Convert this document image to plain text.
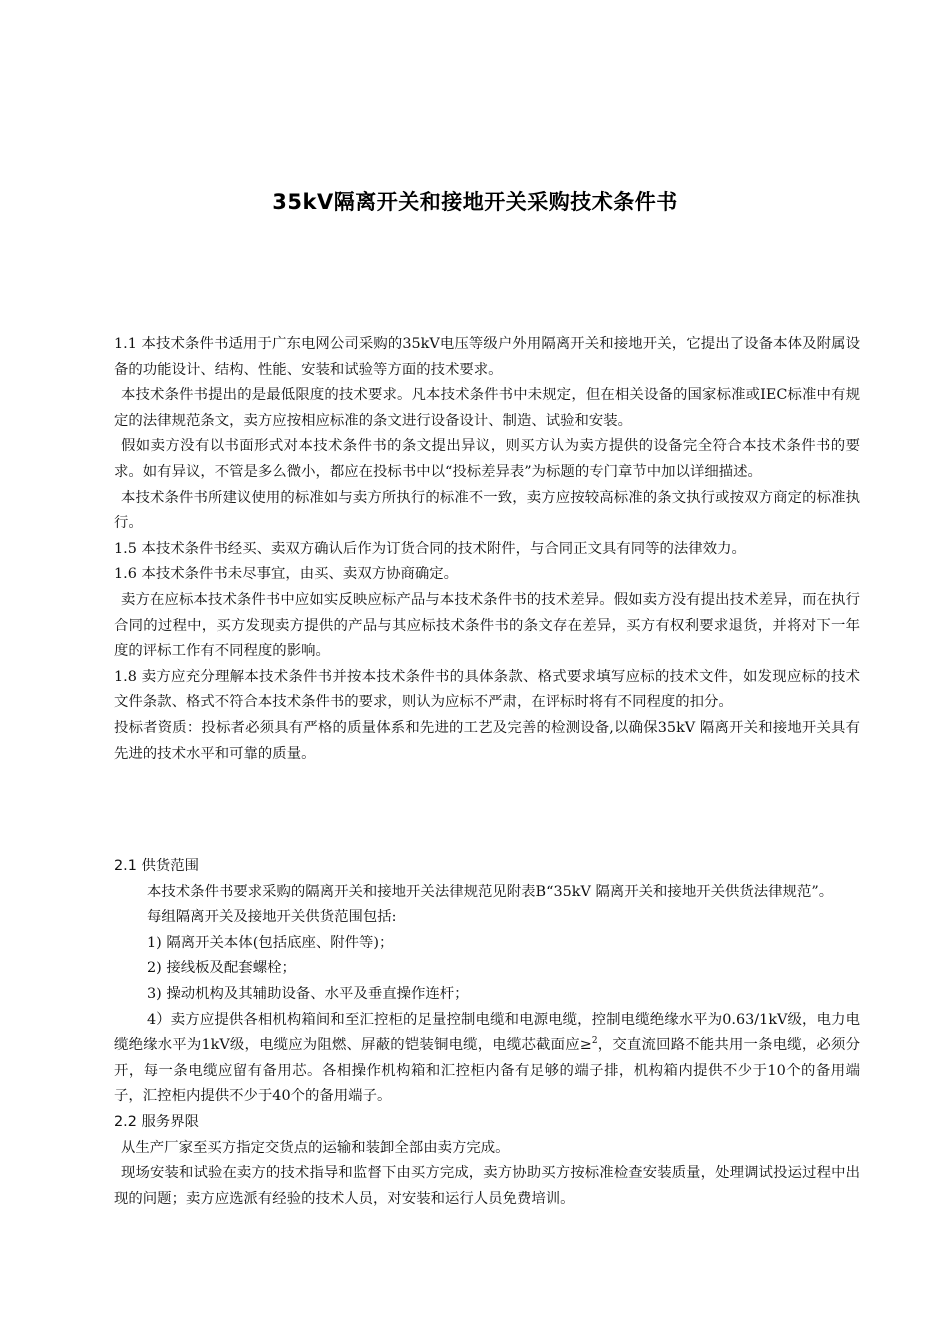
35kV隔离开关和接地开关采购技术条件书

1.1 本技术条件书适用于广东电网公司采购的35kV电压等级户外用隔离开关和接地开关，它提出了设备本体及附属设备的功能设计、结构、性能、安装和试验等方面的技术要求。

本技术条件书提出的是最低限度的技术要求。凡本技术条件书中未规定，但在相关设备的国家标准或IEC标准中有规定的法律规范条文，卖方应按相应标准的条文进行设备设计、制造、试验和安装。

假如卖方没有以书面形式对本技术条件书的条文提出异议，则买方认为卖方提供的设备完全符合本技术条件书的要求。如有异议，不管是多么微小，都应在投标书中以“投标差异表”为标题的专门章节中加以详细描述。

本技术条件书所建议使用的标准如与卖方所执行的标准不一致，卖方应按较高标准的条文执行或按双方商定的标准执行。

1.5 本技术条件书经买、卖双方确认后作为订货合同的技术附件，与合同正文具有同等的法律效力。

1.6 本技术条件书未尽事宜，由买、卖双方协商确定。

卖方在应标本技术条件书中应如实反映应标产品与本技术条件书的技术差异。假如卖方没有提出技术差异，而在执行合同的过程中，买方发现卖方提供的产品与其应标技术条件书的条文存在差异，买方有权利要求退货，并将对下一年度的评标工作有不同程度的影响。

1.8 卖方应充分理解本技术条件书并按本技术条件书的具体条款、格式要求填写应标的技术文件，如发现应标的技术文件条款、格式不符合本技术条件书的要求，则认为应标不严肃，在评标时将有不同程度的扣分。

投标者资质：投标者必须具有严格的质量体系和先进的工艺及完善的检测设备,以确保35kV 隔离开关和接地开关具有先进的技术水平和可靠的质量。

2.1 供货范围

本技术条件书要求采购的隔离开关和接地开关法律规范见附表B“35kV 隔离开关和接地开关供货法律规范”。

每组隔离开关及接地开关供货范围包括:

1) 隔离开关本体(包括底座、附件等)；

2) 接线板及配套螺栓；

3) 操动机构及其辅助设备、水平及垂直操作连杆；

4）卖方应提供各相机构箱间和至汇控柜的足量控制电缆和电源电缆，控制电缆绝缘水平为0.63/1kV级，电力电缆绝缘水平为1kV级，电缆应为阻燃、屏蔽的铠装铜电缆，电缆芯截面应≥$^2$，交直流回路不能共用一条电缆，必须分开，每一条电缆应留有备用芯。各相操作机构箱和汇控柜内备有足够的端子排，机构箱内提供不少于10个的备用端子，汇控柜内提供不少于40个的备用端子。

2.2 服务界限

从生产厂家至买方指定交货点的运输和装卸全部由卖方完成。

现场安装和试验在卖方的技术指导和监督下由买方完成，卖方协助买方按标准检查安装质量，处理调试投运过程中出现的问题；卖方应选派有经验的技术人员，对安装和运行人员免费培训。
